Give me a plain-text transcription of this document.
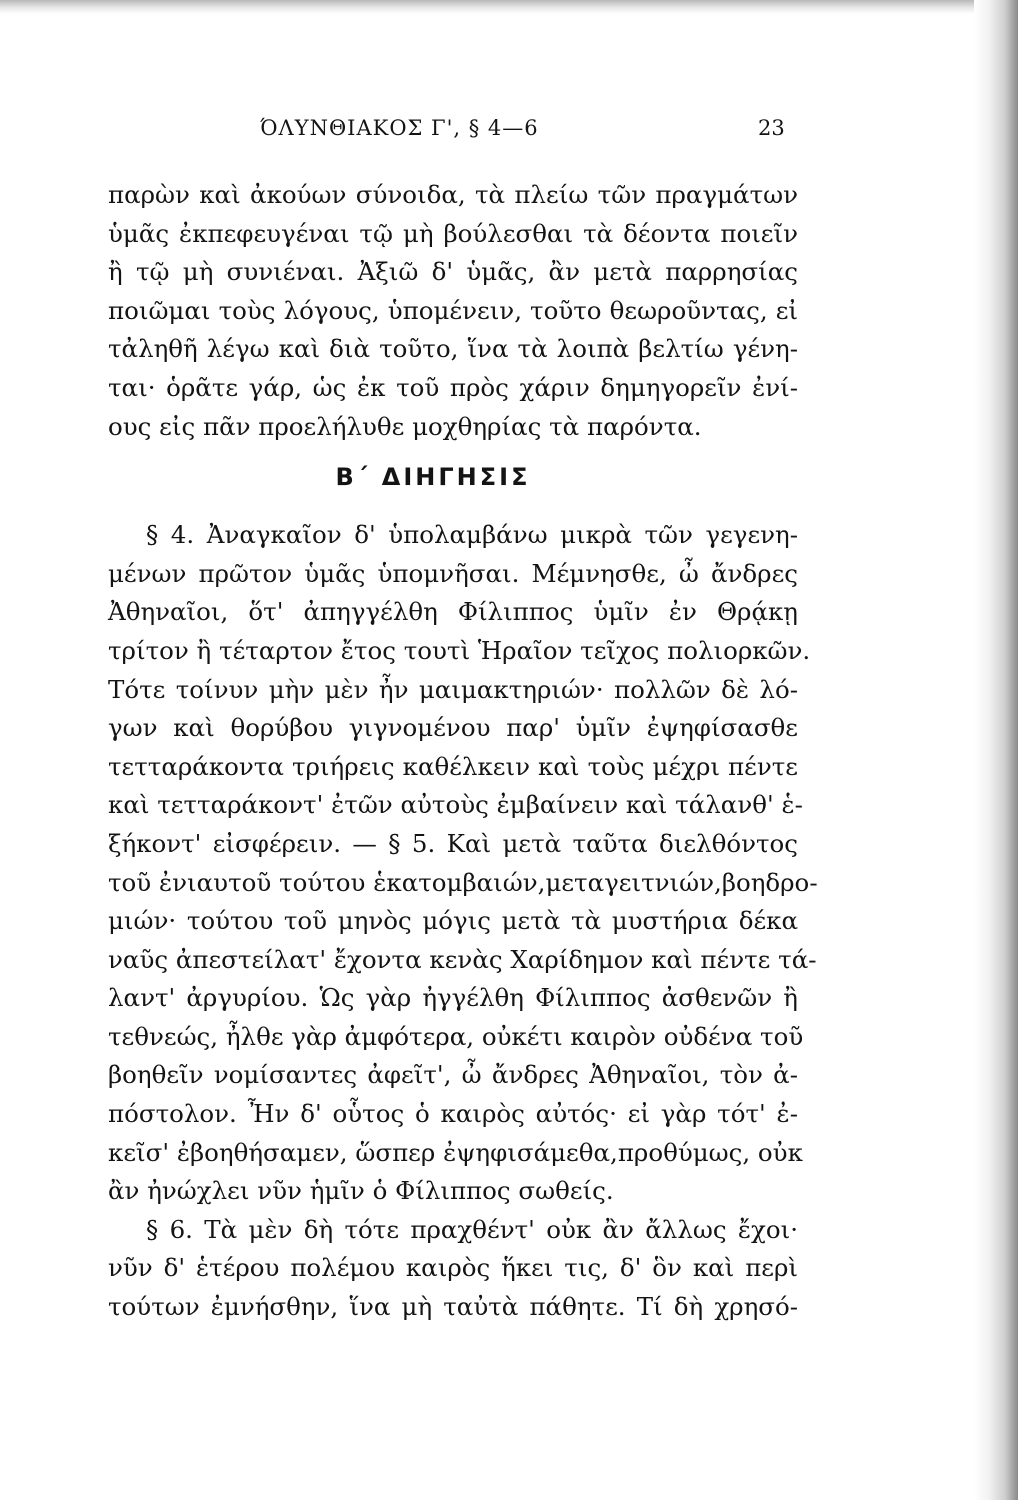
ΌΛΥΝΘΙΑΚΟΣ Γ', § 4—6	23
παρὼν καὶ ἀκούων σύνοιδα, τὰ πλείω τῶν πραγμάτων
ὑμᾶς ἐκπεφευγέναι τῷ μὴ βούλεσθαι τὰ δέοντα ποιεῖν
ἢ τῷ μὴ συνιέναι. Ἀξιῶ δ' ὑμᾶς, ἂν μετὰ παρρησίας
ποιῶμαι τοὺς λόγους, ὑπομένειν, τοῦτο θεωροῦντας, εἰ
τἀληθῆ λέγω καὶ διὰ τοῦτο, ἵνα τὰ λοιπὰ βελτίω γένη-
ται· ὁρᾶτε γάρ, ὡς ἐκ τοῦ πρὸς χάριν δημηγορεῖν ἐνί-
ους εἰς πᾶν προελήλυθε μοχθηρίας τὰ παρόντα.
Β΄ ΔΙΗΓΗΣΙΣ
§ 4. Ἀναγκαῖον δ' ὑπολαμβάνω μικρὰ τῶν γεγενη-
μένων πρῶτον ὑμᾶς ὑπομνῆσαι. Μέμνησθε, ὦ ἄνδρες
Ἀθηναῖοι, ὅτ' ἀπηγγέλθη Φίλιππος ὑμῖν ἐν Θρᾴκῃ
τρίτον ἢ τέταρτον ἔτος τουτὶ Ἡραῖον τεῖχος πολιορκῶν.
Τότε τοίνυν μὴν μὲν ἦν μαιμακτηριών· πολλῶν δὲ λό-
γων καὶ θορύβου γιγνομένου παρ' ὑμῖν ἐψηφίσασθε
τετταράκοντα τριήρεις καθέλκειν καὶ τοὺς μέχρι πέντε
καὶ τετταράκοντ' ἐτῶν αὐτοὺς ἐμβαίνειν καὶ τάλανθ' ἑ-
ξήκοντ' εἰσφέρειν. — § 5. Καὶ μετὰ ταῦτα διελθόντος
τοῦ ἐνιαυτοῦ τούτου ἑκατομβαιών,μεταγειτνιών,βοηδρο-
μιών· τούτου τοῦ μηνὸς μόγις μετὰ τὰ μυστήρια δέκα
ναῦς ἀπεστείλατ' ἔχοντα κενὰς Χαρίδημον καὶ πέντε τά-
λαντ' ἀργυρίου. Ὡς γὰρ ἠγγέλθη Φίλιππος ἀσθενῶν ἢ
τεθνεώς, ἦλθε γὰρ ἀμφότερα, οὐκέτι καιρὸν οὐδένα τοῦ
βοηθεῖν νομίσαντες ἀφεῖτ', ὦ ἄνδρες Ἀθηναῖοι, τὸν ἀ-
πόστολον. Ἦν δ' οὗτος ὁ καιρὸς αὐτός· εἰ γὰρ τότ' ἐ-
κεῖσ' ἐβοηθήσαμεν, ὥσπερ ἐψηφισάμεθα,προθύμως, οὐκ
ἂν ἠνώχλει νῦν ἡμῖν ὁ Φίλιππος σωθείς.
§ 6. Τὰ μὲν δὴ τότε πραχθέντ' οὐκ ἂν ἄλλως ἔχοι·
νῦν δ' ἑτέρου πολέμου καιρὸς ἥκει τις, δ' ὃν καὶ περὶ
τούτων ἐμνήσθην, ἵνα μὴ ταὐτὰ πάθητε. Τί δὴ χρησό-
